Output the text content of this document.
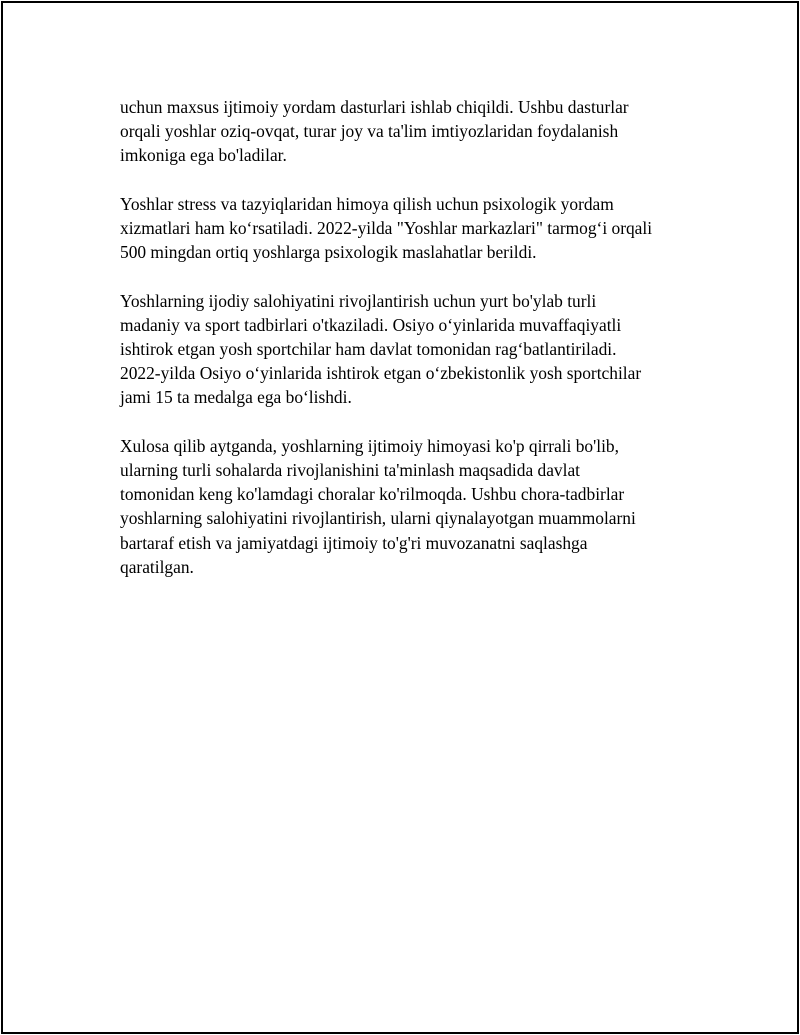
uchun maxsus ijtimoiy yordam dasturlari ishlab chiqildi. Ushbu dasturlar
orqali yoshlar oziq-ovqat, turar joy va ta'lim imtiyozlaridan foydalanish
imkoniga ega bo'ladilar.

Yoshlar stress va tazyiqlaridan himoya qilish uchun psixologik yordam
xizmatlari ham ko‘rsatiladi. 2022-yilda "Yoshlar markazlari" tarmog‘i orqali
500 mingdan ortiq yoshlarga psixologik maslahatlar berildi.

Yoshlarning ijodiy salohiyatini rivojlantirish uchun yurt bo'ylab turli
madaniy va sport tadbirlari o'tkaziladi. Osiyo o‘yinlarida muvaffaqiyatli
ishtirok etgan yosh sportchilar ham davlat tomonidan rag‘batlantiriladi.
2022-yilda Osiyo o‘yinlarida ishtirok etgan o‘zbekistonlik yosh sportchilar
jami 15 ta medalga ega bo‘lishdi.

Xulosa qilib aytganda, yoshlarning ijtimoiy himoyasi ko'p qirrali bo'lib,
ularning turli sohalarda rivojlanishini ta'minlash maqsadida davlat
tomonidan keng ko'lamdagi choralar ko'rilmoqda. Ushbu chora-tadbirlar
yoshlarning salohiyatini rivojlantirish, ularni qiynalayotgan muammolarni
bartaraf etish va jamiyatdagi ijtimoiy to'g'ri muvozanatni saqlashga
qaratilgan.
